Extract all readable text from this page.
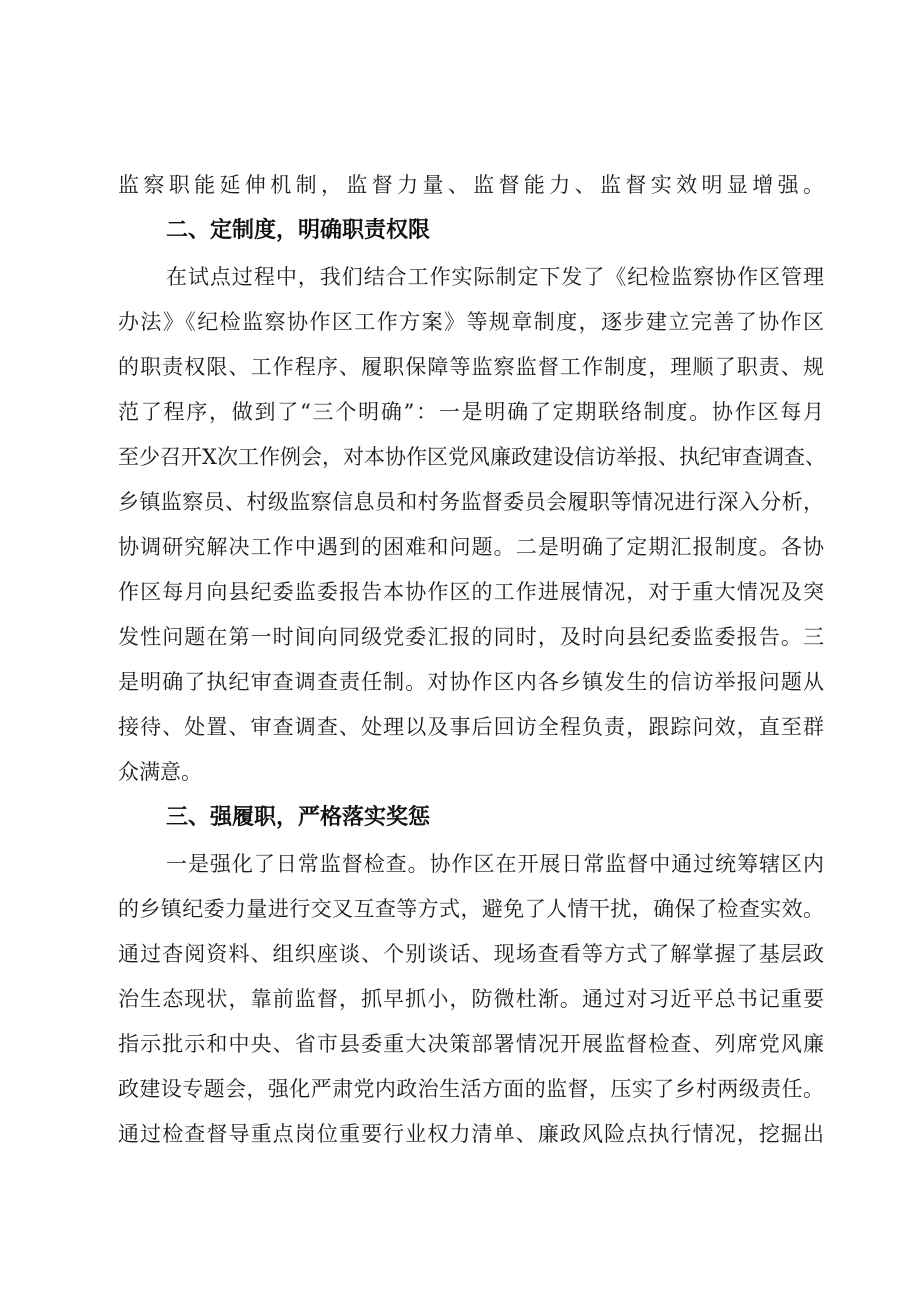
监察职能延伸机制，监督力量、监督能力、监督实效明显增强。
二、定制度，明确职责权限
在试点过程中，我们结合工作实际制定下发了《纪检监察协作区管理
办法》《纪检监察协作区工作方案》等规章制度，逐步建立完善了协作区
的职责权限、工作程序、履职保障等监察监督工作制度，理顺了职责、规
范了程序，做到了“三个明确”：一是明确了定期联络制度。协作区每月
至少召开X次工作例会，对本协作区党风廉政建设信访举报、执纪审查调查、
乡镇监察员、村级监察信息员和村务监督委员会履职等情况进行深入分析，
协调研究解决工作中遇到的困难和问题。二是明确了定期汇报制度。各协
作区每月向县纪委监委报告本协作区的工作进展情况，对于重大情况及突
发性问题在第一时间向同级党委汇报的同时，及时向县纪委监委报告。三
是明确了执纪审查调查责任制。对协作区内各乡镇发生的信访举报问题从
接待、处置、审查调查、处理以及事后回访全程负责，跟踪问效，直至群
众满意。
三、强履职，严格落实奖惩
一是强化了日常监督检查。协作区在开展日常监督中通过统筹辖区内
的乡镇纪委力量进行交叉互查等方式，避免了人情干扰，确保了检查实效。
通过杳阅资料、组织座谈、个别谈话、现场查看等方式了解掌握了基层政
治生态现状，靠前监督，抓早抓小，防微杜渐。通过对习近平总书记重要
指示批示和中央、省市县委重大决策部署情况开展监督检查、列席党风廉
政建设专题会，强化严肃党内政治生活方面的监督，压实了乡村两级责任。
通过检查督导重点岗位重要行业权力清单、廉政风险点执行情况，挖掘出
